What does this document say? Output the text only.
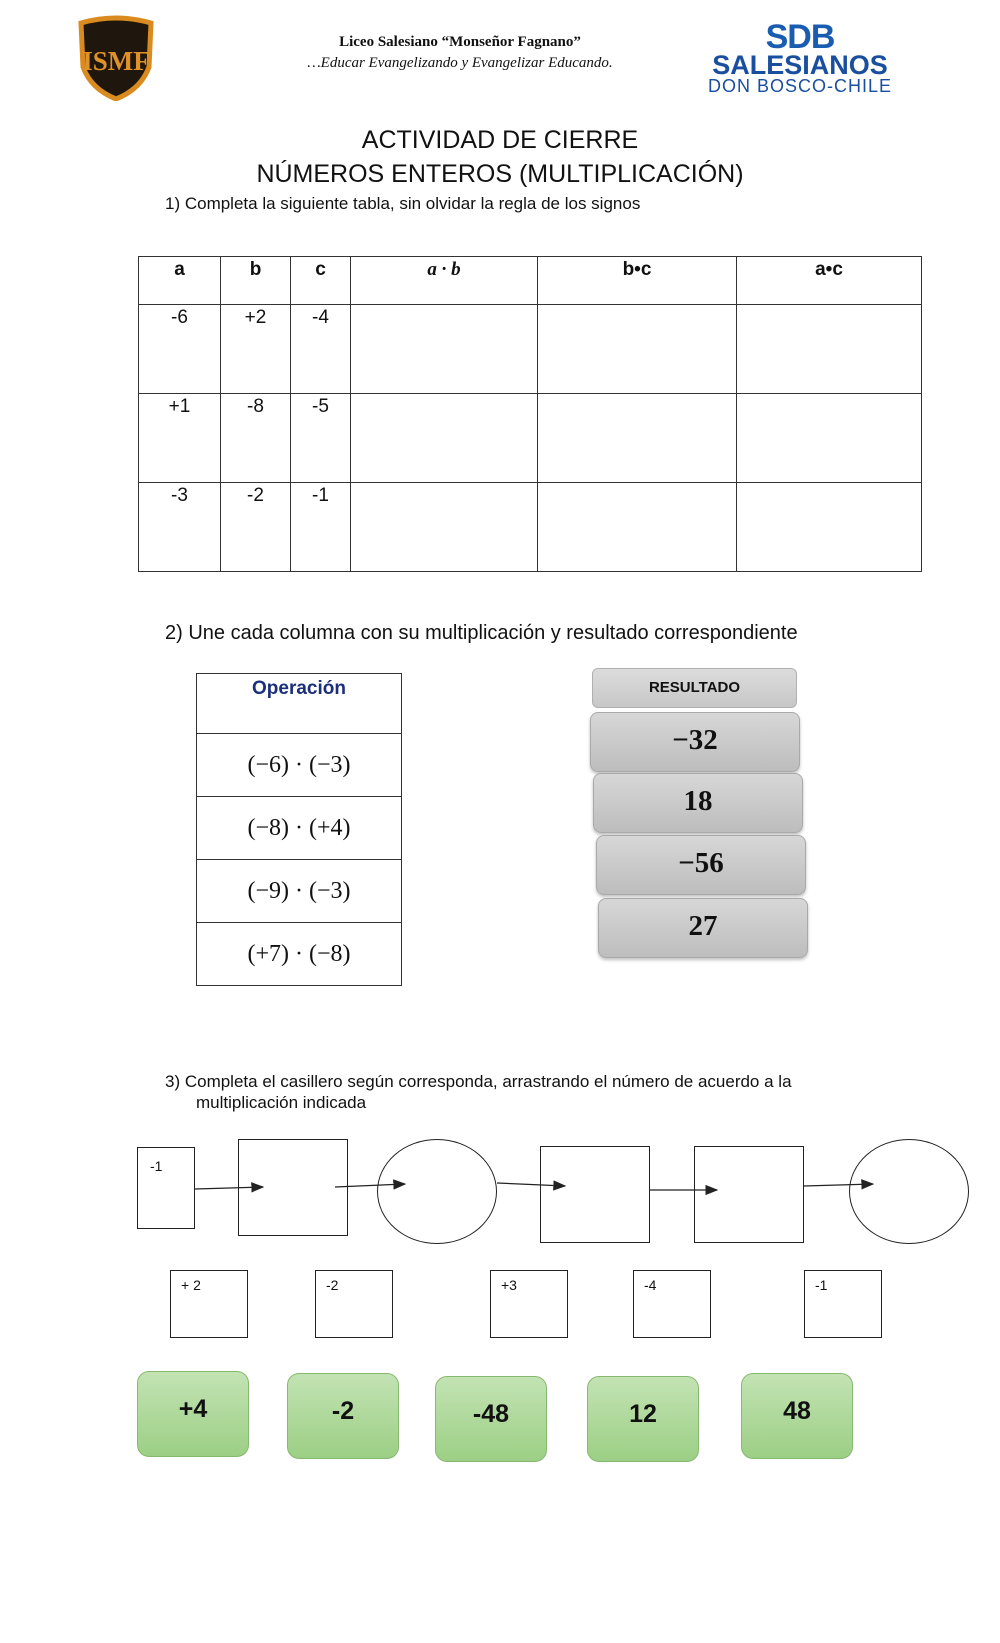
ISMF
Liceo Salesiano “Monseñor Fagnano”
…Educar Evangelizando y Evangelizar Educando.
SDB
SALESIANOS
DON BOSCO-CHILE
ACTIVIDAD DE CIERRE
NÚMEROS ENTEROS (MULTIPLICACIÓN)
1) Completa la siguiente tabla, sin olvidar la regla de los signos
a	b	c	a · b	b•c	a•c
-6	+2	-4			
+1	-8	-5			
-3	-2	-1			
2) Une cada columna con su multiplicación y resultado correspondiente
Operación
(−6) · (−3)
(−8) · (+4)
(−9) · (−3)
(+7) · (−8)
RESULTADO
−32
18
−56
27
3) Completa el casillero según corresponda, arrastrando el número de acuerdo a la
multiplicación indicada
-1
+ 2	-2	+3	-4	-1
+4	-2	-48	12	48
